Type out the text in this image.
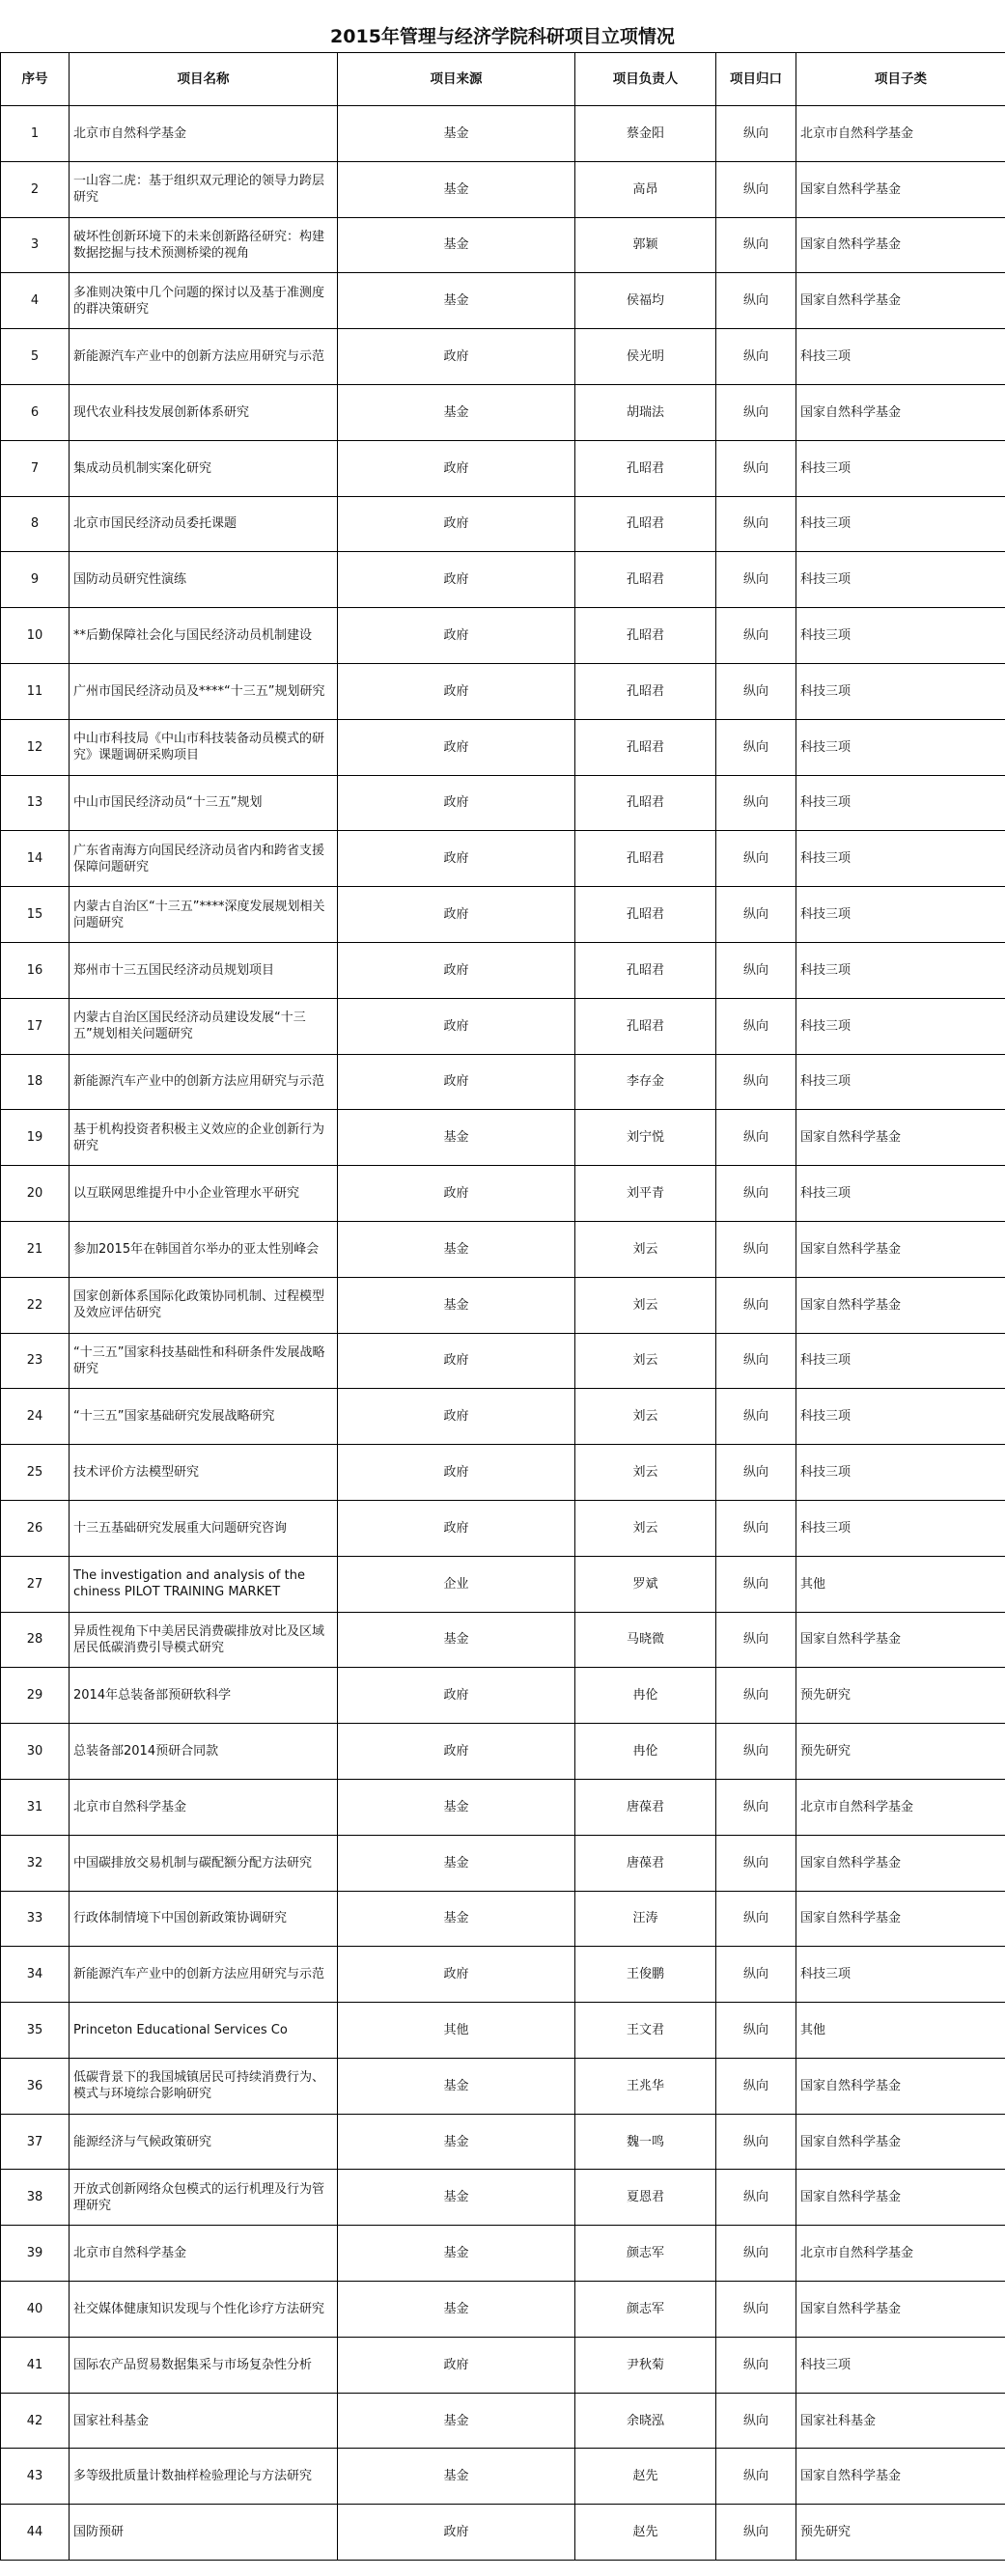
2015年管理与经济学院科研项目立项情况
序号	项目名称	项目来源	项目负责人	项目归口	项目子类
1	北京市自然科学基金	基金	蔡金阳	纵向	北京市自然科学基金
2	一山容二虎：基于组织双元理论的领导力跨层研究	基金	高昂	纵向	国家自然科学基金
3	破坏性创新环境下的未来创新路径研究：构建数据挖掘与技术预测桥梁的视角	基金	郭颖	纵向	国家自然科学基金
4	多准则决策中几个问题的探讨以及基于准测度的群决策研究	基金	侯福均	纵向	国家自然科学基金
5	新能源汽车产业中的创新方法应用研究与示范	政府	侯光明	纵向	科技三项
6	现代农业科技发展创新体系研究	基金	胡瑞法	纵向	国家自然科学基金
7	集成动员机制实案化研究	政府	孔昭君	纵向	科技三项
8	北京市国民经济动员委托课题	政府	孔昭君	纵向	科技三项
9	国防动员研究性演练	政府	孔昭君	纵向	科技三项
10	**后勤保障社会化与国民经济动员机制建设	政府	孔昭君	纵向	科技三项
11	广州市国民经济动员及****“十三五”规划研究	政府	孔昭君	纵向	科技三项
12	中山市科技局《中山市科技装备动员模式的研究》课题调研采购项目	政府	孔昭君	纵向	科技三项
13	中山市国民经济动员“十三五”规划	政府	孔昭君	纵向	科技三项
14	广东省南海方向国民经济动员省内和跨省支援保障问题研究	政府	孔昭君	纵向	科技三项
15	内蒙古自治区“十三五”****深度发展规划相关问题研究	政府	孔昭君	纵向	科技三项
16	郑州市十三五国民经济动员规划项目	政府	孔昭君	纵向	科技三项
17	内蒙古自治区国民经济动员建设发展“十三五”规划相关问题研究	政府	孔昭君	纵向	科技三项
18	新能源汽车产业中的创新方法应用研究与示范	政府	李存金	纵向	科技三项
19	基于机构投资者积极主义效应的企业创新行为研究	基金	刘宁悦	纵向	国家自然科学基金
20	以互联网思维提升中小企业管理水平研究	政府	刘平青	纵向	科技三项
21	参加2015年在韩国首尔举办的亚太性别峰会	基金	刘云	纵向	国家自然科学基金
22	国家创新体系国际化政策协同机制、过程模型及效应评估研究	基金	刘云	纵向	国家自然科学基金
23	“十三五”国家科技基础性和科研条件发展战略研究	政府	刘云	纵向	科技三项
24	“十三五”国家基础研究发展战略研究	政府	刘云	纵向	科技三项
25	技术评价方法模型研究	政府	刘云	纵向	科技三项
26	十三五基础研究发展重大问题研究咨询	政府	刘云	纵向	科技三项
27	The investigation and analysis of the chiness PILOT TRAINING MARKET	企业	罗斌	纵向	其他
28	异质性视角下中美居民消费碳排放对比及区域居民低碳消费引导模式研究	基金	马晓微	纵向	国家自然科学基金
29	2014年总装备部预研软科学	政府	冉伦	纵向	预先研究
30	总装备部2014预研合同款	政府	冉伦	纵向	预先研究
31	北京市自然科学基金	基金	唐葆君	纵向	北京市自然科学基金
32	中国碳排放交易机制与碳配额分配方法研究	基金	唐葆君	纵向	国家自然科学基金
33	行政体制情境下中国创新政策协调研究	基金	汪涛	纵向	国家自然科学基金
34	新能源汽车产业中的创新方法应用研究与示范	政府	王俊鹏	纵向	科技三项
35	Princeton Educational Services Co	其他	王文君	纵向	其他
36	低碳背景下的我国城镇居民可持续消费行为、模式与环境综合影响研究	基金	王兆华	纵向	国家自然科学基金
37	能源经济与气候政策研究	基金	魏一鸣	纵向	国家自然科学基金
38	开放式创新网络众包模式的运行机理及行为管理研究	基金	夏恩君	纵向	国家自然科学基金
39	北京市自然科学基金	基金	颜志军	纵向	北京市自然科学基金
40	社交媒体健康知识发现与个性化诊疗方法研究	基金	颜志军	纵向	国家自然科学基金
41	国际农产品贸易数据集采与市场复杂性分析	政府	尹秋菊	纵向	科技三项
42	国家社科基金	基金	余晓泓	纵向	国家社科基金
43	多等级批质量计数抽样检验理论与方法研究	基金	赵先	纵向	国家自然科学基金
44	国防预研	政府	赵先	纵向	预先研究
